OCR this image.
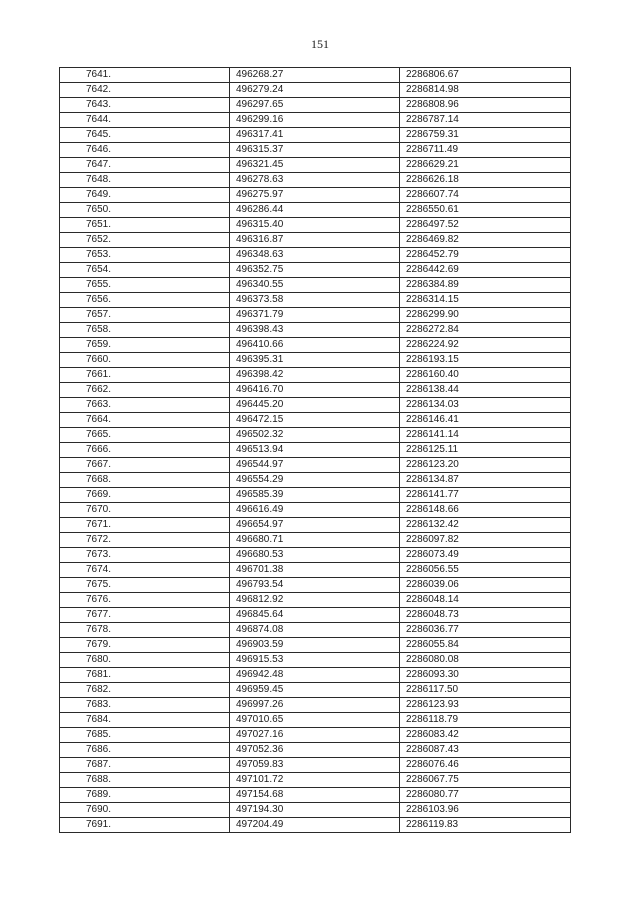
151
7641.	496268.27	2286806.67
7642.	496279.24	2286814.98
7643.	496297.65	2286808.96
7644.	496299.16	2286787.14
7645.	496317.41	2286759.31
7646.	496315.37	2286711.49
7647.	496321.45	2286629.21
7648.	496278.63	2286626.18
7649.	496275.97	2286607.74
7650.	496286.44	2286550.61
7651.	496315.40	2286497.52
7652.	496316.87	2286469.82
7653.	496348.63	2286452.79
7654.	496352.75	2286442.69
7655.	496340.55	2286384.89
7656.	496373.58	2286314.15
7657.	496371.79	2286299.90
7658.	496398.43	2286272.84
7659.	496410.66	2286224.92
7660.	496395.31	2286193.15
7661.	496398.42	2286160.40
7662.	496416.70	2286138.44
7663.	496445.20	2286134.03
7664.	496472.15	2286146.41
7665.	496502.32	2286141.14
7666.	496513.94	2286125.11
7667.	496544.97	2286123.20
7668.	496554.29	2286134.87
7669.	496585.39	2286141.77
7670.	496616.49	2286148.66
7671.	496654.97	2286132.42
7672.	496680.71	2286097.82
7673.	496680.53	2286073.49
7674.	496701.38	2286056.55
7675.	496793.54	2286039.06
7676.	496812.92	2286048.14
7677.	496845.64	2286048.73
7678.	496874.08	2286036.77
7679.	496903.59	2286055.84
7680.	496915.53	2286080.08
7681.	496942.48	2286093.30
7682.	496959.45	2286117.50
7683.	496997.26	2286123.93
7684.	497010.65	2286118.79
7685.	497027.16	2286083.42
7686.	497052.36	2286087.43
7687.	497059.83	2286076.46
7688.	497101.72	2286067.75
7689.	497154.68	2286080.77
7690.	497194.30	2286103.96
7691.	497204.49	2286119.83
